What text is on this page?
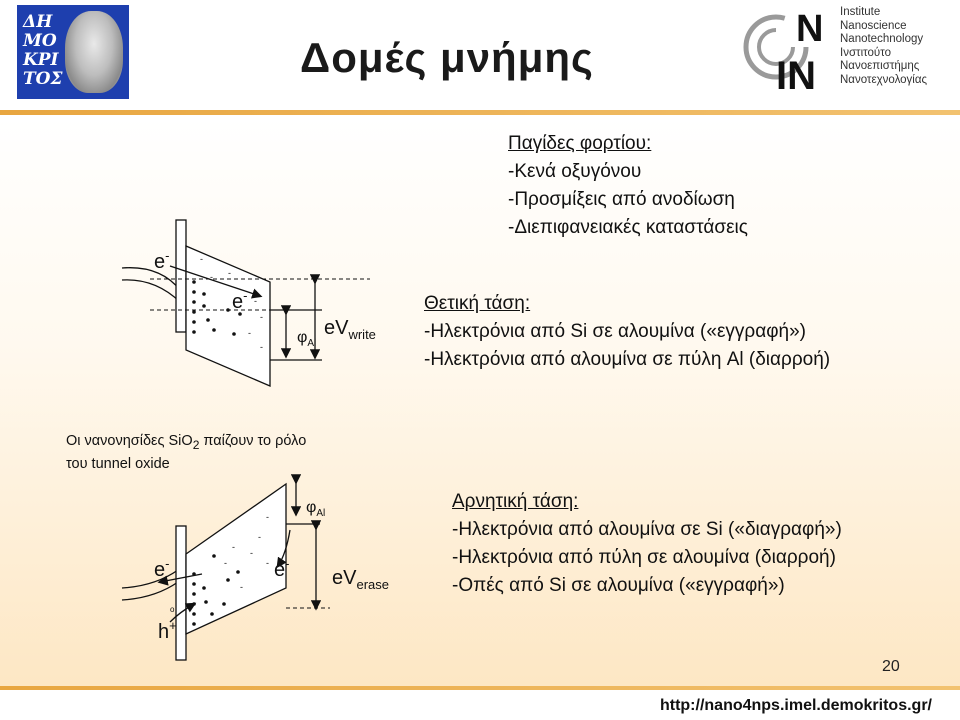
ΔΗ
ΜΟ
ΚΡΙ
ΤΟΣ	Δομές μνήμης
N
IN
Institute
Nanoscience
Nanotechnology
Ινστιτούτο
Νανοεπιστήμης
Νανοτεχνολογίας
Παγίδες φορτίου:
-Κενά οξυγόνου
-Προσμίξεις από ανοδίωση
-Διεπιφανειακές καταστάσεις
Θετική τάση:
-Ηλεκτρόνια από Si σε αλουμίνα («εγγραφή»)
-Ηλεκτρόνια από αλουμίνα σε πύλη Al (διαρροή)
Αρνητική τάση:
-Ηλεκτρόνια από αλουμίνα σε Si («διαγραφή»)
-Ηλεκτρόνια από πύλη σε αλουμίνα (διαρροή)
-Οπές από Si σε αλουμίνα («εγγραφή»)
Οι νανονησίδες SiO$_2$ παίζουν το ρόλο
του tunnel oxide
-
-
-
-
-
-
-
e-
e-
$\varphi_{Al}$
$eV_{write}$
-
-
-
-
-
-
-
o
e-	e-
h+
$\varphi_{Al}$
$eV_{erase}$
20
http://nano4nps.imel.demokritos.gr/
